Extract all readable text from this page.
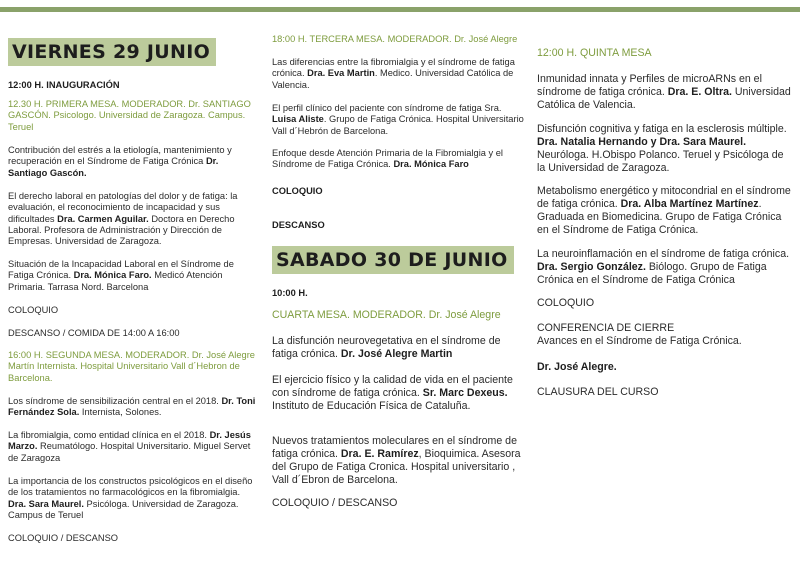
VIERNES 29 JUNIO

12:00 H. INAUGURACIÓN

12.30 H. PRIMERA MESA. MODERADOR. Dr. SANTIAGO GASCÓN. Psicologo. Universidad de Zaragoza. Campus. Teruel

Contribución del estrés a la etiología, mantenimiento y recuperación en el Síndrome de Fatiga Crónica Dr. Santiago Gascón.

El derecho laboral en patologías del dolor y de fatiga: la evaluación, el reconocimiento de incapacidad y sus dificultades Dra. Carmen Aguilar. Doctora en Derecho Laboral. Profesora de Administración y Dirección de Empresas. Universidad de Zaragoza.

Situación de la Incapacidad Laboral en el Síndrome de Fatiga Crónica. Dra. Mónica Faro. Medicó Atención Primaria. Tarrasa Nord. Barcelona

COLOQUIO

DESCANSO / COMIDA DE 14:00 A 16:00

16:00 H. SEGUNDA MESA. MODERADOR. Dr. José Alegre Martín Internista. Hospital Universitario Vall d´Hebron de Barcelona.

Los síndrome de sensibilización central en el 2018. Dr. Toni Fernández Sola. Internista, Solones.

La fibromialgia, como entidad clínica en el 2018. Dr. Jesús Marzo. Reumatólogo. Hospital Universitario. Miguel Servet de Zaragoza

La importancia de los constructos psicológicos en el diseño de los tratamientos no farmacológicos en la fibromialgia. Dra. Sara Maurel. Psicóloga. Universidad de Zaragoza. Campus de Teruel

COLOQUIO / DESCANSO

18:00 H. TERCERA MESA. MODERADOR. Dr. José Alegre

Las diferencias entre la fibromialgia y el síndrome de fatiga crónica. Dra. Eva Martin. Medico. Universidad Católica de Valencia.

El perfil clínico del paciente con síndrome de fatiga Sra. Luisa Aliste. Grupo de Fatiga Crónica. Hospital Universitario Vall d´Hebrón de Barcelona.

Enfoque desde Atención Primaria de la Fibromialgia y el Síndrome de Fatiga Crónica. Dra. Mónica Faro

COLOQUIO

DESCANSO

SABADO 30 DE JUNIO

10:00 H.

CUARTA MESA. MODERADOR. Dr. José Alegre

La disfunción neurovegetativa en el síndrome de fatiga crónica. Dr. José Alegre Martin

El ejercicio físico y la calidad de vida en el paciente con síndrome de fatiga crónica. Sr. Marc Dexeus. Instituto de Educación Física de Cataluña.

Nuevos tratamientos moleculares en el síndrome de fatiga crónica. Dra. E. Ramírez, Bioquimica. Asesora del Grupo de Fatiga Cronica. Hospital universitario , Vall d´Ebron de Barcelona.

COLOQUIO / DESCANSO

12:00 H. QUINTA MESA

Inmunidad innata y Perfiles de microARNs en el síndrome de fatiga crónica. Dra. E. Oltra. Universidad Católica de Valencia.

Disfunción cognitiva y fatiga en la esclerosis múltiple. Dra. Natalia Hernando y Dra. Sara Maurel. Neuróloga. H.Obispo Polanco. Teruel y Psicóloga de la Universidad de Zaragoza.

Metabolismo energético y mitocondrial en el síndrome de fatiga crónica. Dra. Alba Martínez Martínez. Graduada en Biomedicina. Grupo de Fatiga Crónica en el Síndrome de Fatiga Crónica.

La neuroinflamación en el síndrome de fatiga crónica. Dra. Sergio González. Biólogo. Grupo de Fatiga Crónica en el Síndrome de Fatiga Crónica

COLOQUIO

CONFERENCIA DE CIERRE

Avances en el Síndrome de Fatiga Crónica.

Dr. José Alegre.

CLAUSURA DEL CURSO
